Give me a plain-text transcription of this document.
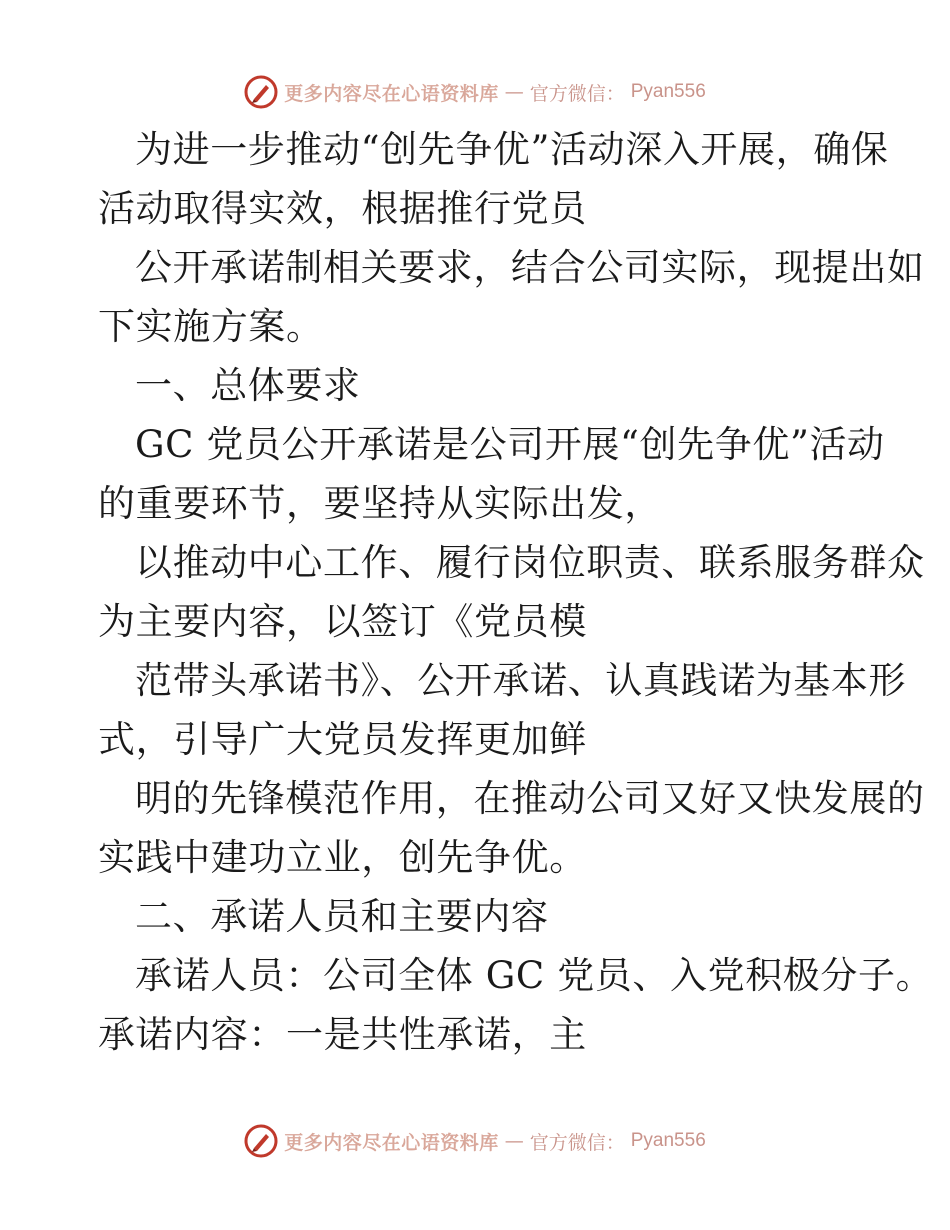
更多内容尽在心语资料库 — 官方微信： Pyan556
为进一步推动“创先争优”活动深入开展，确保
活动取得实效，根据推行党员
公开承诺制相关要求，结合公司实际，现提出如
下实施方案。
一、总体要求
GC 党员公开承诺是公司开展“创先争优”活动
的重要环节，要坚持从实际出发，
以推动中心工作、履行岗位职责、联系服务群众
为主要内容，以签订《党员模
范带头承诺书》、公开承诺、认真践诺为基本形
式，引导广大党员发挥更加鲜
明的先锋模范作用，在推动公司又好又快发展的
实践中建功立业，创先争优。
二、承诺人员和主要内容
承诺人员：公司全体 GC 党员、入党积极分子。
承诺内容：一是共性承诺，主
更多内容尽在心语资料库 — 官方微信： Pyan556
